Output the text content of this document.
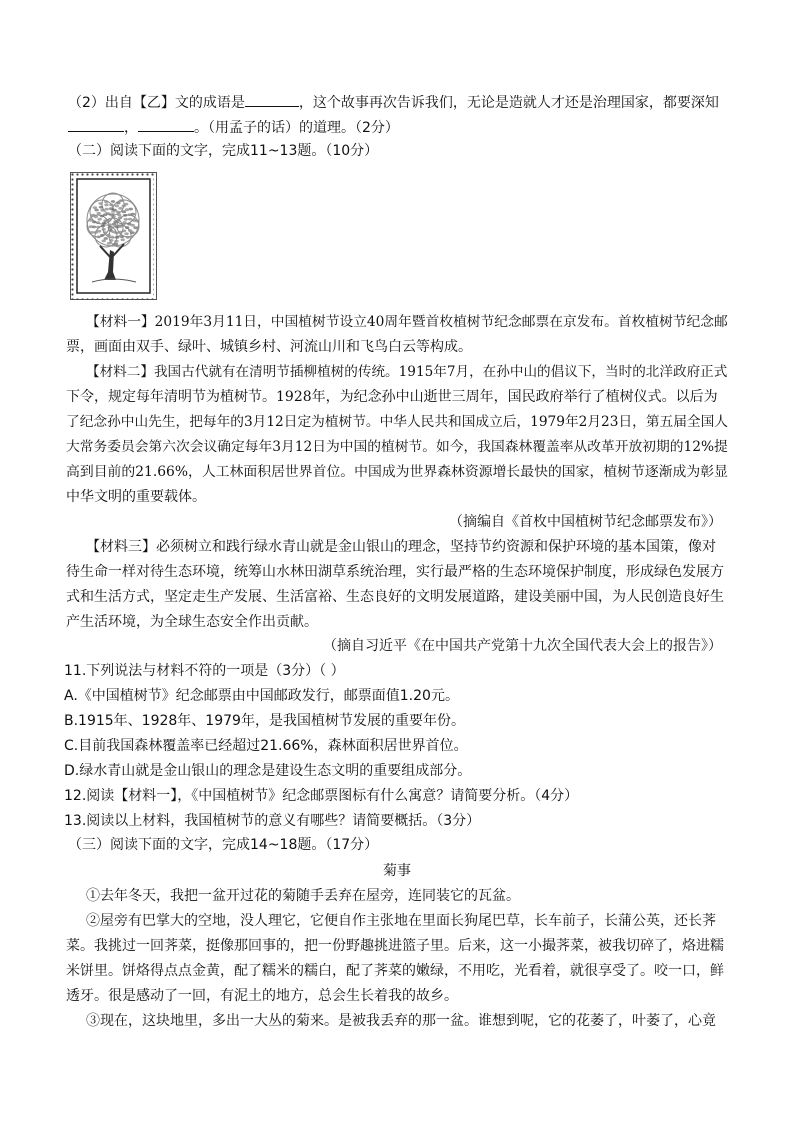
（2）出自【乙】文的成语是	，这个故事再次告诉我们，无论是造就人才还是治理国家，都要深知
，	。（用孟子的话）的道理。（2分）
（二）阅读下面的文字，完成11~13题。（10分）
【材料一】2019年3月11日，中国植树节设立40周年暨首枚植树节纪念邮票在京发布。首枚植树节纪念邮
票，画面由双手、绿叶、城镇乡村、河流山川和飞鸟白云等构成。
【材料二】我国古代就有在清明节插柳植树的传统。1915年7月，在孙中山的倡议下，当时的北洋政府正式
下令，规定每年清明节为植树节。1928年，为纪念孙中山逝世三周年，国民政府举行了植树仪式。以后为
了纪念孙中山先生，把每年的3月12日定为植树节。中华人民共和国成立后，1979年2月23日，第五届全国人
大常务委员会第六次会议确定每年3月12日为中国的植树节。如今，我国森林覆盖率从改革开放初期的12%提
高到目前的21.66%，人工林面积居世界首位。中国成为世界森林资源增长最快的国家，植树节逐渐成为彰显
中华文明的重要载体。
（摘编自《首枚中国植树节纪念邮票发布》）
【材料三】必须树立和践行绿水青山就是金山银山的理念，坚持节约资源和保护环境的基本国策，像对
待生命一样对待生态环境，统筹山水林田湖草系统治理，实行最严格的生态环境保护制度，形成绿色发展方
式和生活方式，坚定走生产发展、生活富裕、生态良好的文明发展道路，建设美丽中国，为人民创造良好生
产生活环境，为全球生态安全作出贡献。
（摘自习近平《在中国共产党第十九次全国代表大会上的报告》）
11.下列说法与材料不符的一项是（3分）（ ）
A.《中国植树节》纪念邮票由中国邮政发行，邮票面值1.20元。
B.1915年、1928年、1979年，是我国植树节发展的重要年份。
C.目前我国森林覆盖率已经超过21.66%，森林面积居世界首位。
D.绿水青山就是金山银山的理念是建设生态文明的重要组成部分。
12.阅读【材料一】，《中国植树节》纪念邮票图标有什么寓意？请简要分析。（4分）
13.阅读以上材料，我国植树节的意义有哪些？请简要概括。（3分）
（三）阅读下面的文字，完成14~18题。（17分）
菊事
①去年冬天，我把一盆开过花的菊随手丢弃在屋旁，连同装它的瓦盆。
②屋旁有巴掌大的空地，没人理它，它便自作主张地在里面长狗尾巴草，长车前子，长蒲公英，还长荠
菜。我挑过一回荠菜，挺像那回事的，把一份野趣挑进篮子里。后来，这一小撮荠菜，被我切碎了，烙进糯
米饼里。饼烙得点点金黄，配了糯米的糯白，配了荠菜的嫩绿，不用吃，光看着，就很享受了。咬一口，鲜
透牙。很是感动了一回，有泥土的地方，总会生长着我的故乡。
③现在，这块地里，多出一大丛的菊来。是被我丢弃的那一盆。谁想到呢，它的花萎了，叶萎了，心竟
